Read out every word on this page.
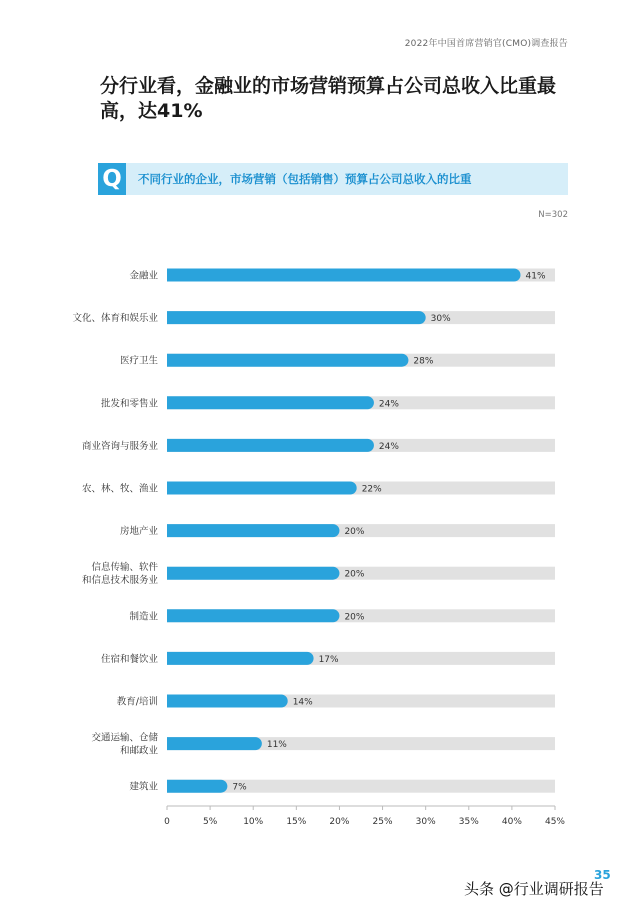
2022年中国首席营销官(CMO)调查报告
分行业看，金融业的市场营销预算占公司总收入比重最高，达41%
Q	不同行业的企业，市场营销（包括销售）预算占公司总收入的比重
N=302
41%
金融业
30%
文化、体育和娱乐业
28%
医疗卫生
24%
批发和零售业
24%
商业咨询与服务业
22%
农、林、牧、渔业
20%
房地产业
20%
信息传输、软件
和信息技术服务业
20%
制造业
17%
住宿和餐饮业
14%
教育/培训
11%
交通运输、仓储
和邮政业
7%
建筑业
0	5%	10%	15%	20%	25%	30%	35%	40%	45%
35
头条 @行业调研报告
